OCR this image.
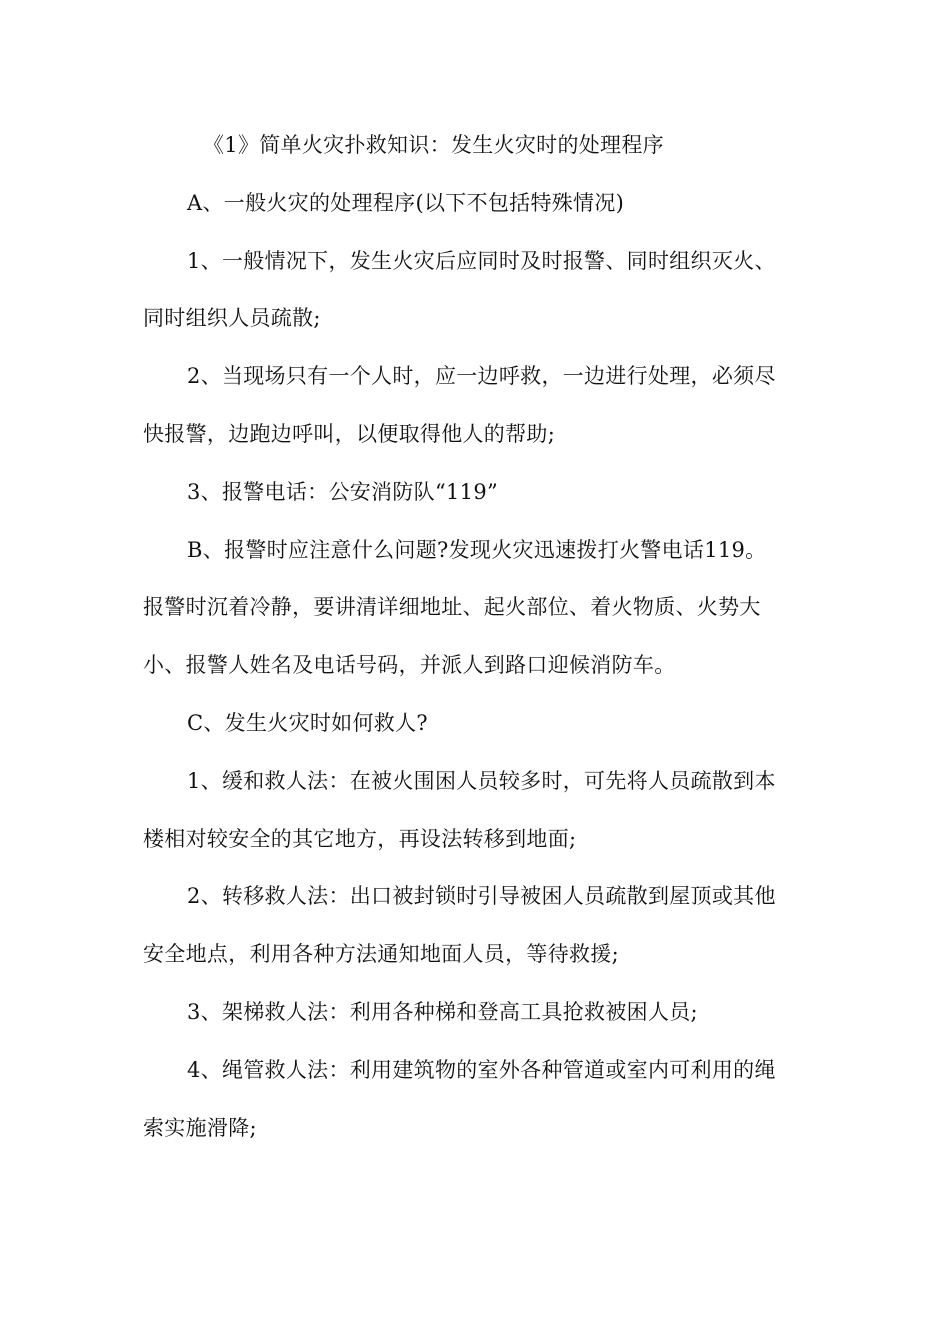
《1》简单火灾扑救知识：发生火灾时的处理程序

A、一般火灾的处理程序(以下不包括特殊情况)

1、一般情况下，发生火灾后应同时及时报警、同时组织灭火、同时组织人员疏散;

2、当现场只有一个人时，应一边呼救，一边进行处理，必须尽快报警，边跑边呼叫，以便取得他人的帮助;

3、报警电话：公安消防队“119”

B、报警时应注意什么问题?发现火灾迅速拨打火警电话119。报警时沉着冷静，要讲清详细地址、起火部位、着火物质、火势大小、报警人姓名及电话号码，并派人到路口迎候消防车。

C、发生火灾时如何救人?

1、缓和救人法：在被火围困人员较多时，可先将人员疏散到本楼相对较安全的其它地方，再设法转移到地面;

2、转移救人法：出口被封锁时引导被困人员疏散到屋顶或其他安全地点，利用各种方法通知地面人员，等待救援;

3、架梯救人法：利用各种梯和登高工具抢救被困人员;

4、绳管救人法：利用建筑物的室外各种管道或室内可利用的绳索实施滑降;
